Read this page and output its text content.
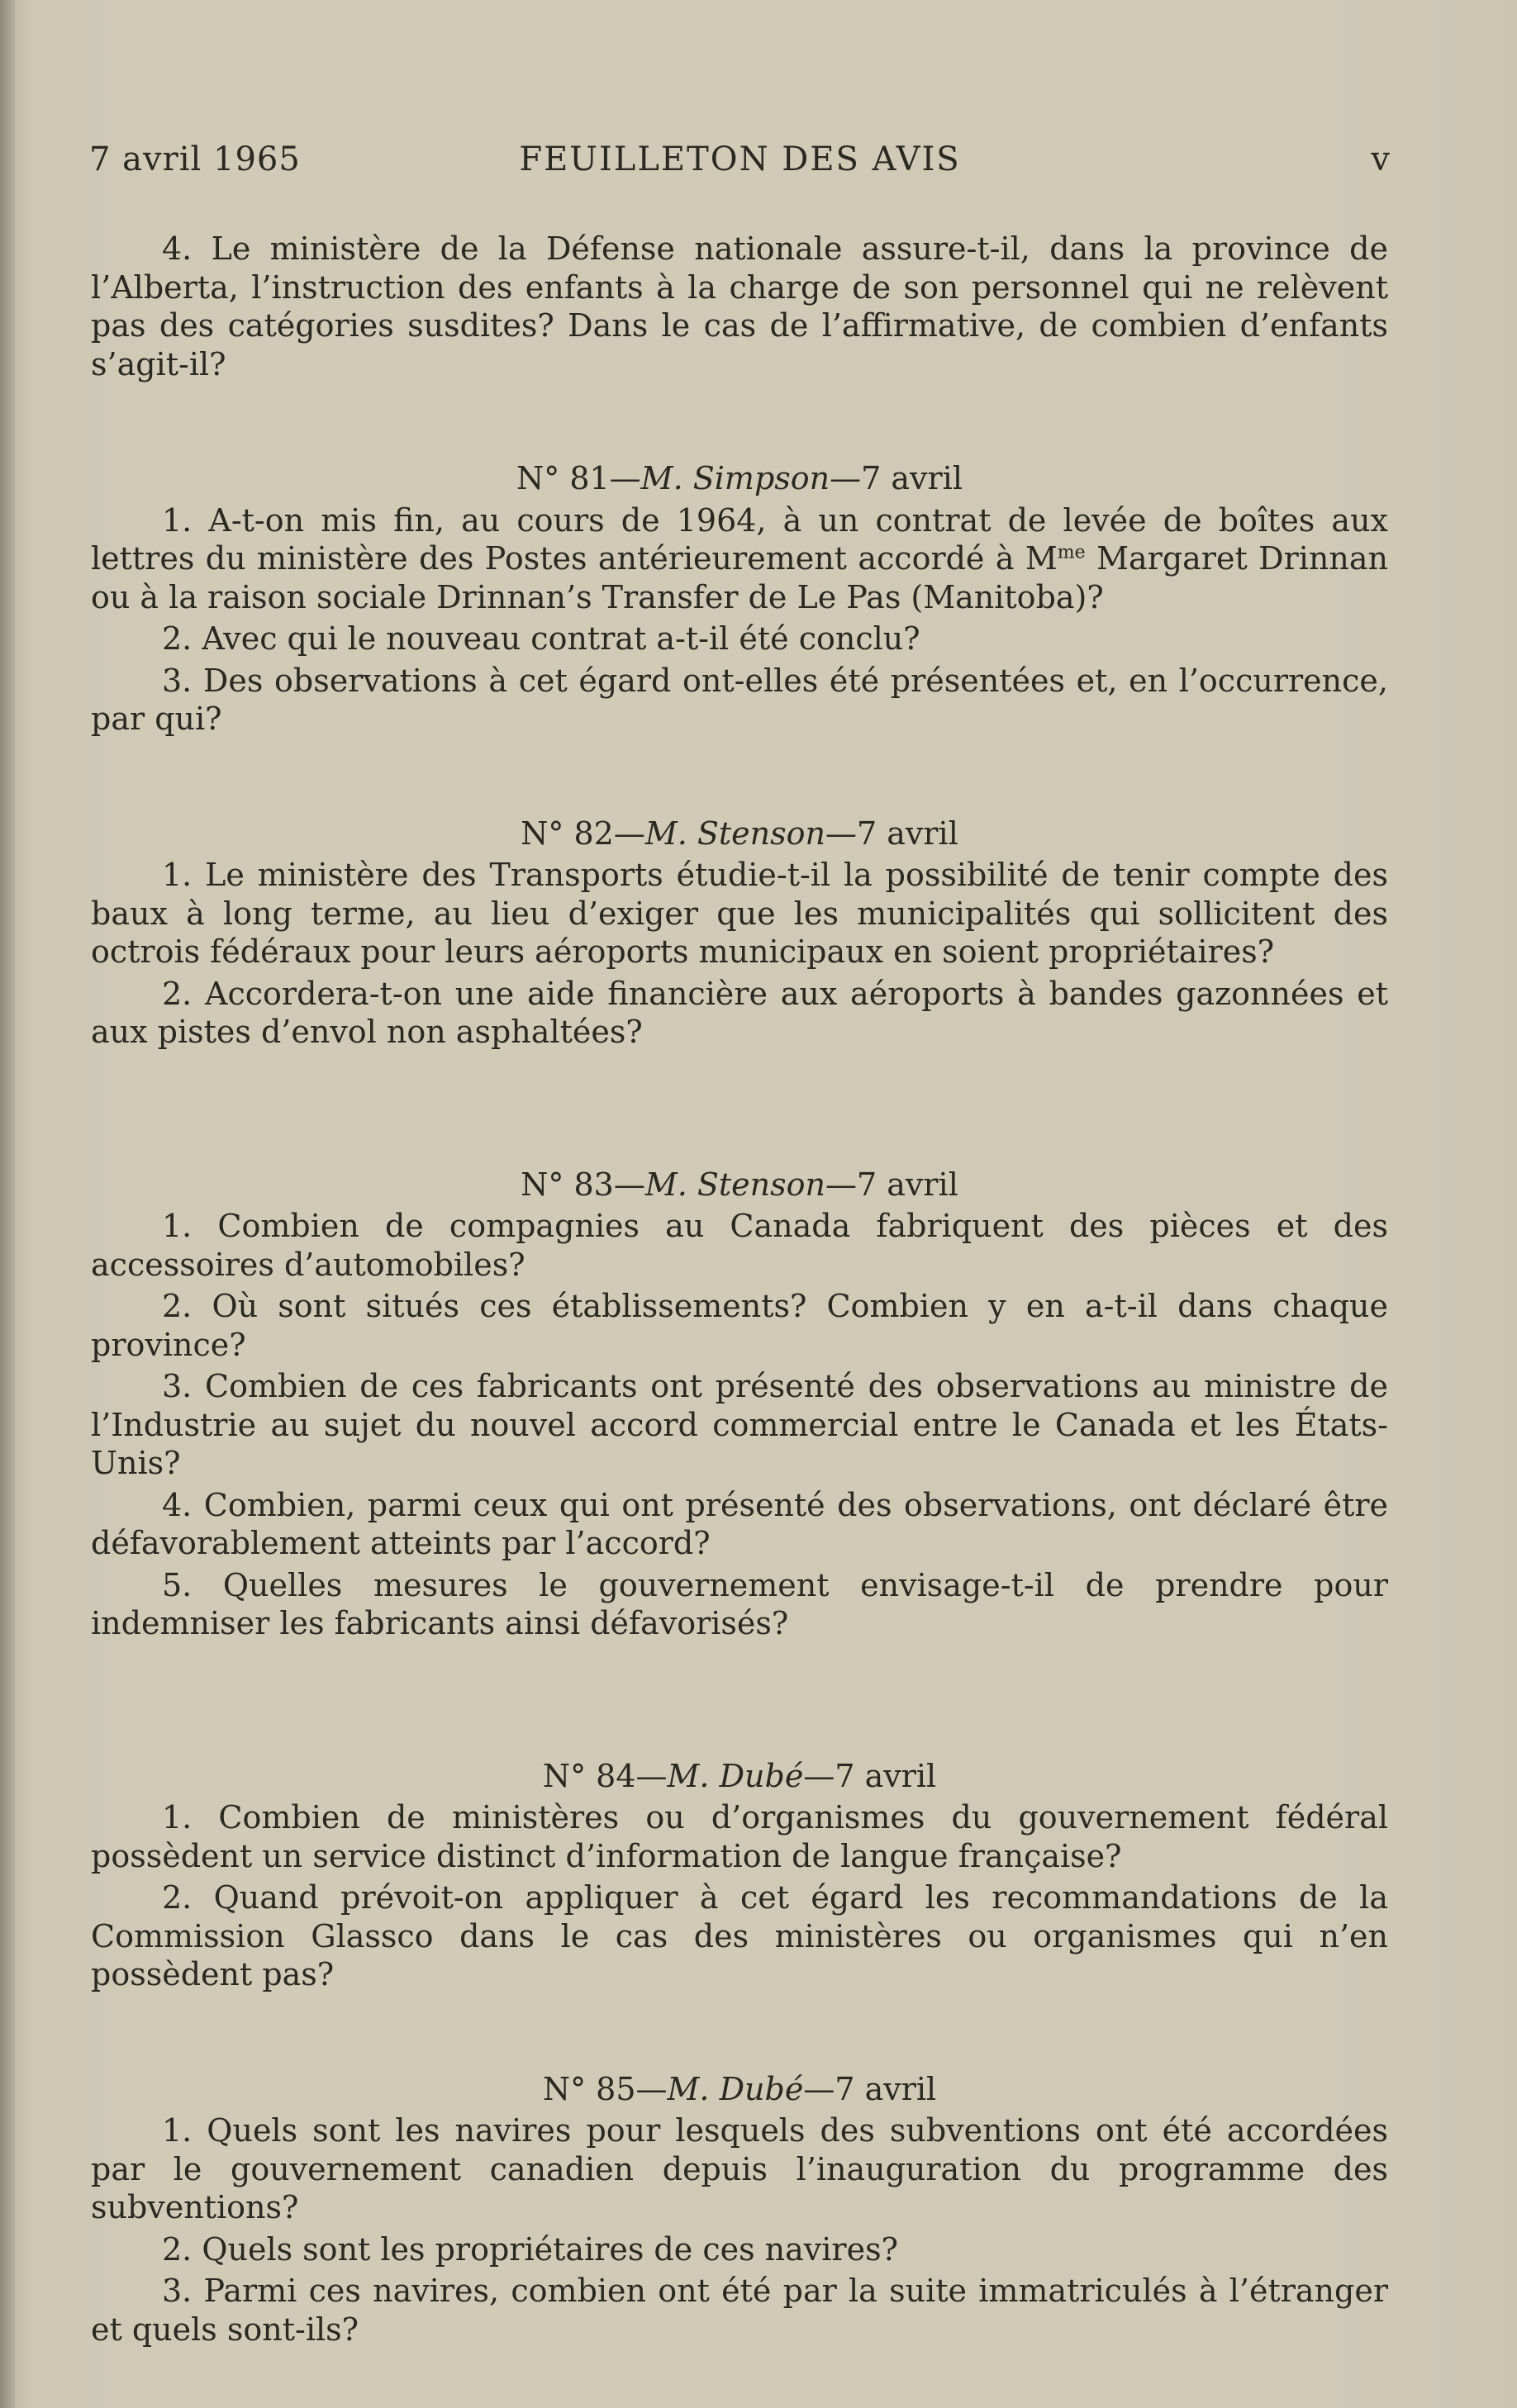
7 avril 1965	FEUILLETON DES AVIS	v

4. Le ministère de la Défense nationale assure-t-il, dans la province de l’Alberta, l’instruction des enfants à la charge de son personnel qui ne relèvent pas des catégories susdites? Dans le cas de l’affirmative, de combien d’enfants s’agit-il?

N° 81—M. Simpson—7 avril

1. A-t-on mis fin, au cours de 1964, à un contrat de levée de boîtes aux lettres du ministère des Postes antérieurement accordé à $M^{me}$ Margaret Drinnan ou à la raison sociale Drinnan’s Transfer de Le Pas (Manitoba)?

2. Avec qui le nouveau contrat a-t-il été conclu?

3. Des observations à cet égard ont-elles été présentées et, en l’occurrence, par qui?

N° 82—M. Stenson—7 avril

1. Le ministère des Transports étudie-t-il la possibilité de tenir compte des baux à long terme, au lieu d’exiger que les municipalités qui sollicitent des octrois fédéraux pour leurs aéroports municipaux en soient propriétaires?

2. Accordera-t-on une aide financière aux aéroports à bandes gazonnées et aux pistes d’envol non asphaltées?

N° 83—M. Stenson—7 avril

1. Combien de compagnies au Canada fabriquent des pièces et des accessoires d’automobiles?

2. Où sont situés ces établissements? Combien y en a-t-il dans chaque province?

3. Combien de ces fabricants ont présenté des observations au ministre de l’Industrie au sujet du nouvel accord commercial entre le Canada et les États-Unis?

4. Combien, parmi ceux qui ont présenté des observations, ont déclaré être défavorablement atteints par l’accord?

5. Quelles mesures le gouvernement envisage-t-il de prendre pour indemniser les fabricants ainsi défavorisés?

N° 84—M. Dubé—7 avril

1. Combien de ministères ou d’organismes du gouvernement fédéral possèdent un service distinct d’information de langue française?

2. Quand prévoit-on appliquer à cet égard les recommandations de la Commission Glassco dans le cas des ministères ou organismes qui n’en possèdent pas?

N° 85—M. Dubé—7 avril

1. Quels sont les navires pour lesquels des subventions ont été accordées par le gouvernement canadien depuis l’inauguration du programme des subventions?

2. Quels sont les propriétaires de ces navires?

3. Parmi ces navires, combien ont été par la suite immatriculés à l’étranger et quels sont-ils?
